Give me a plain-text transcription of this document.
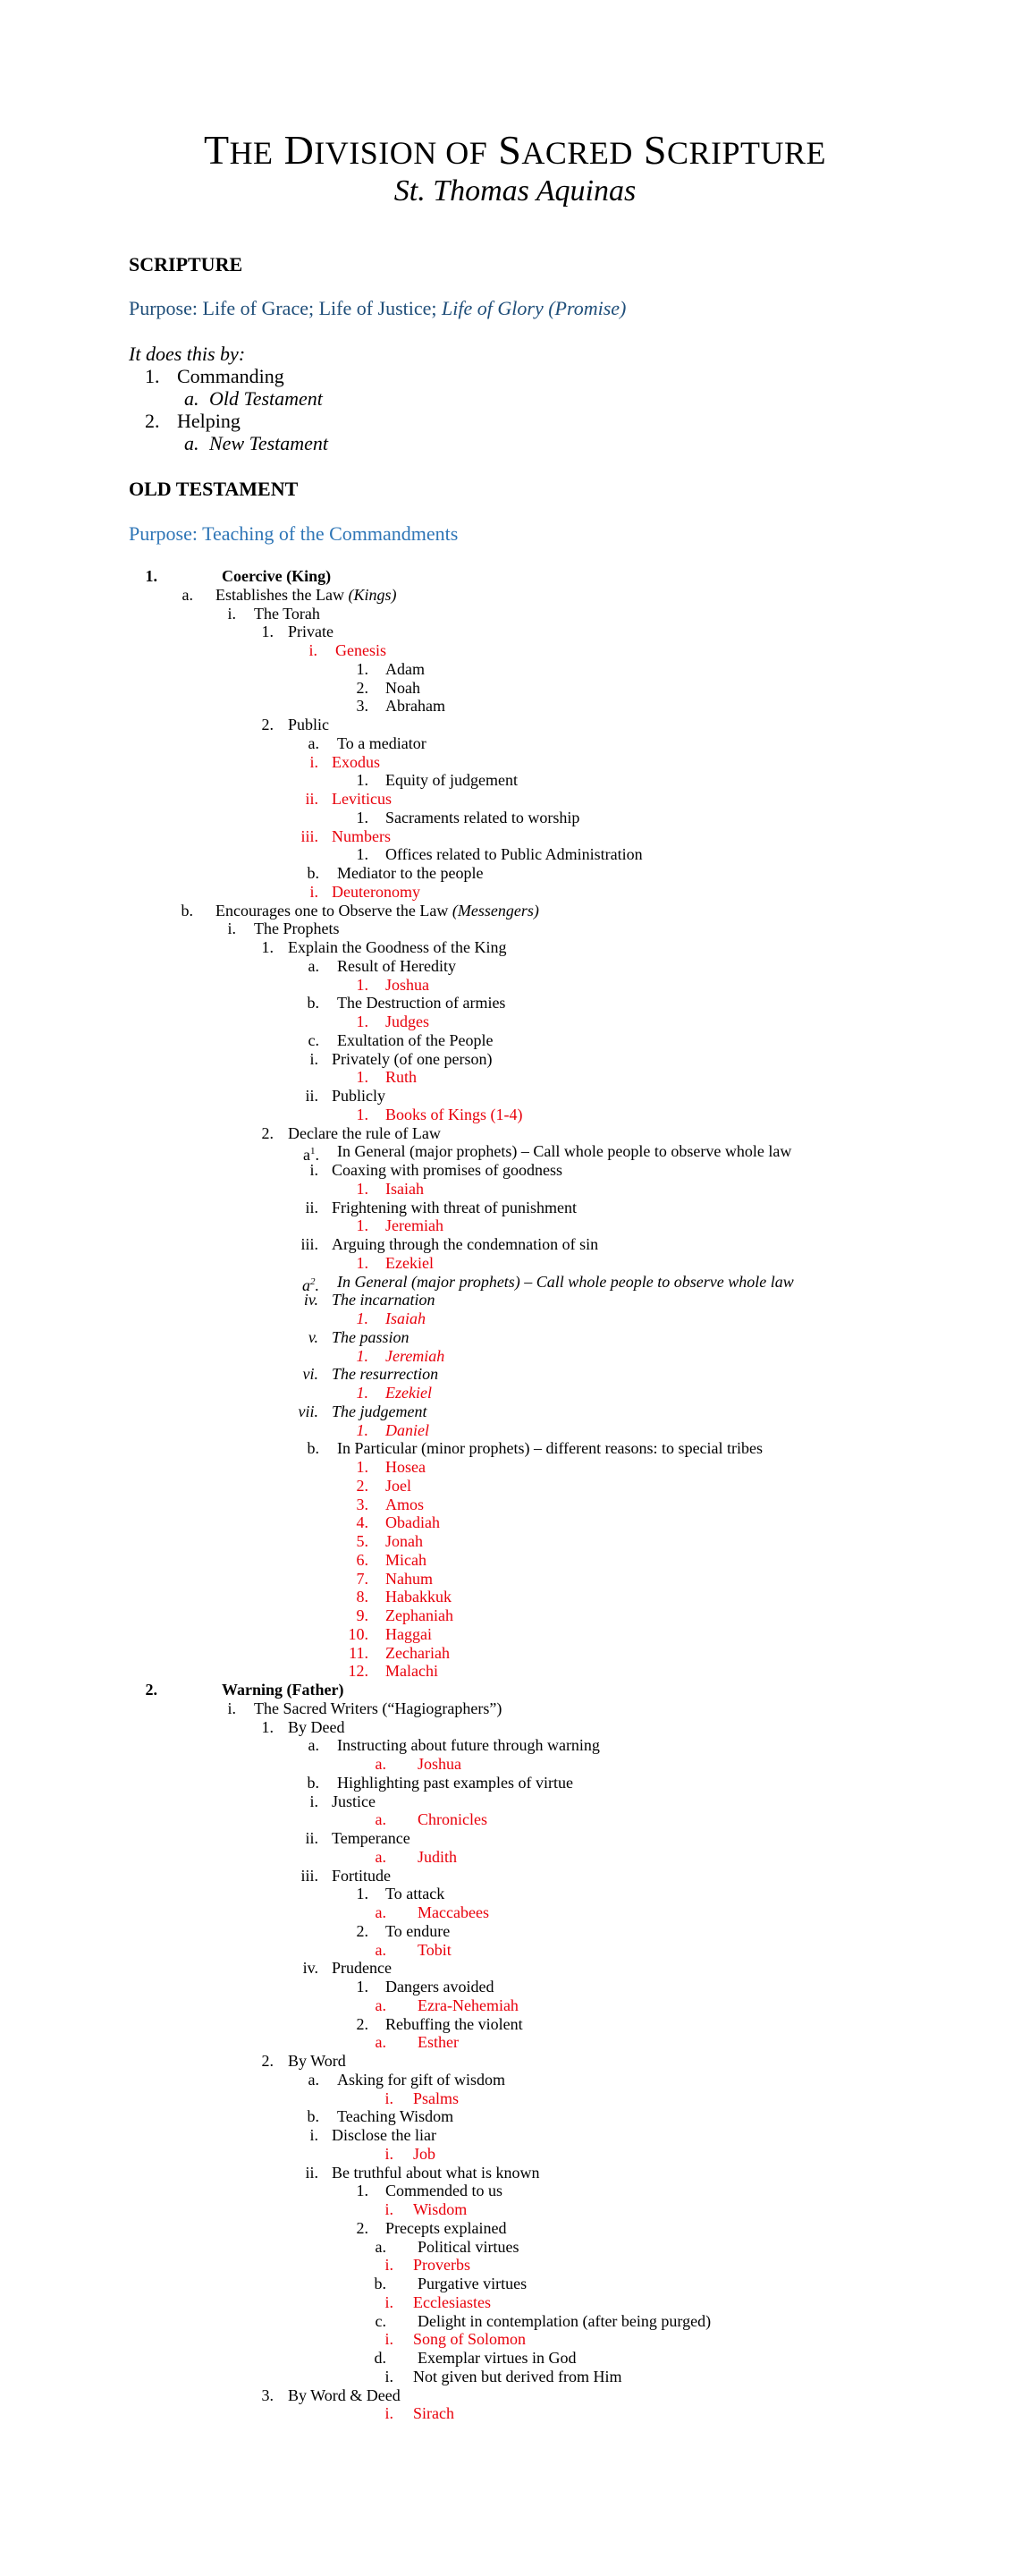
THE DIVISION OF SACRED SCRIPTURE
St. Thomas Aquinas
SCRIPTURE
Purpose: Life of Grace; Life of Justice; Life of Glory (Promise)
It does this by:
1. Commanding
a. Old Testament
2. Helping
a. New Testament
OLD TESTAMENT
Purpose: Teaching of the Commandments
1.	Coercive (King)
a. Establishes the Law (Kings)
i. The Torah
1. Private
i. Genesis
1. Adam
2. Noah
3. Abraham
2. Public
a. To a mediator
i. Exodus
1. Equity of judgement
ii. Leviticus
1. Sacraments related to worship
iii. Numbers
1. Offices related to Public Administration
b. Mediator to the people
i. Deuteronomy
b. Encourages one to Observe the Law (Messengers)
i. The Prophets
1. Explain the Goodness of the King
a. Result of Heredity
1. Joshua
b. The Destruction of armies
1. Judges
c. Exultation of the People
i. Privately (of one person)
1. Ruth
ii. Publicly
1. Books of Kings (1-4)
2. Declare the rule of Law
$a^1$. In General (major prophets) – Call whole people to observe whole law
i. Coaxing with promises of goodness
1. Isaiah
ii. Frightening with threat of punishment
1. Jeremiah
iii. Arguing through the condemnation of sin
1. Ezekiel
$a^2$. In General (major prophets) – Call whole people to observe whole law
iv. The incarnation
1. Isaiah
v. The passion
1. Jeremiah
vi. The resurrection
1. Ezekiel
vii. The judgement
1. Daniel
b. In Particular (minor prophets) – different reasons: to special tribes
1. Hosea
2. Joel
3. Amos
4. Obadiah
5. Jonah
6. Micah
7. Nahum
8. Habakkuk
9. Zephaniah
10. Haggai
11. Zechariah
12. Malachi
2.	Warning (Father)
i. The Sacred Writers (“Hagiographers”)
1. By Deed
a. Instructing about future through warning
a. Joshua
b. Highlighting past examples of virtue
i. Justice
a. Chronicles
ii. Temperance
a. Judith
iii. Fortitude
1. To attack
a. Maccabees
2. To endure
a. Tobit
iv. Prudence
1. Dangers avoided
a. Ezra-Nehemiah
2. Rebuffing the violent
a. Esther
2. By Word
a. Asking for gift of wisdom
i. Psalms
b. Teaching Wisdom
i. Disclose the liar
i. Job
ii. Be truthful about what is known
1. Commended to us
i. Wisdom
2. Precepts explained
a. Political virtues
i. Proverbs
b. Purgative virtues
i. Ecclesiastes
c. Delight in contemplation (after being purged)
i. Song of Solomon
d. Exemplar virtues in God
i. Not given but derived from Him
3. By Word & Deed
i. Sirach
